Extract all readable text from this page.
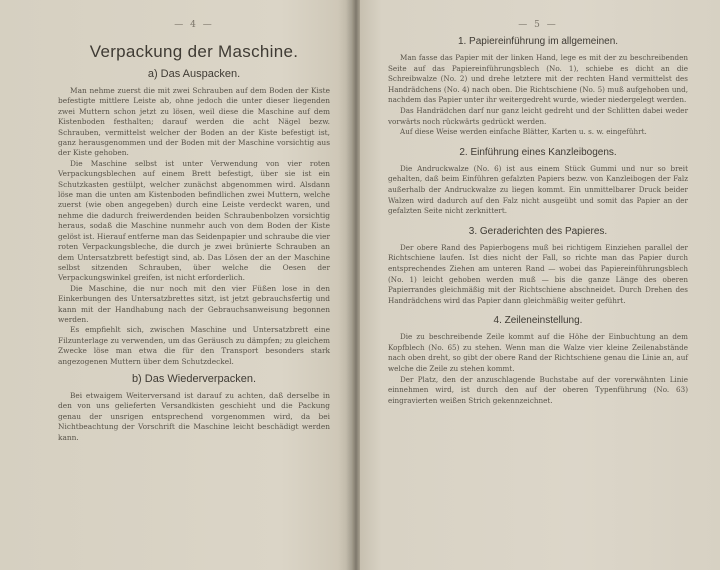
— 4 —
Verpackung der Maschine.
a) Das Auspacken.

Man nehme zuerst die mit zwei Schrauben auf dem Boden der Kiste befestigte mittlere Leiste ab, ohne jedoch die unter dieser liegenden zwei Muttern schon jetzt zu lösen, weil diese die Maschine auf dem Kistenboden festhalten; darauf werden die acht Nägel bezw. Schrauben, vermittelst welcher der Boden an der Kiste befestigt ist, ganz herausgenommen und der Boden mit der Maschine vorsichtig aus der Kiste gehoben.

Die Maschine selbst ist unter Verwendung von vier roten Verpackungsblechen auf einem Brett befestigt, über sie ist ein Schutzkasten gestülpt, welcher zunächst abgenommen wird. Alsdann löse man die unten am Kistenboden befindlichen zwei Muttern, welche zuerst (wie oben angegeben) durch eine Leiste verdeckt waren, und nehme die dadurch freiwerdenden beiden Schraubenbolzen vorsichtig heraus, sodaß die Maschine nunmehr auch von dem Boden der Kiste gelöst ist. Hierauf entferne man das Seidenpapier und schraube die vier roten Verpackungsbleche, die durch je zwei brünierte Schrauben an dem Untersatzbrett befestigt sind, ab. Das Lösen der an der Maschine selbst sitzenden Schrauben, über welche die Oesen der Verpackungswinkel greifen, ist nicht erforderlich.

Die Maschine, die nur noch mit den vier Füßen lose in den Einkerbungen des Untersatzbrettes sitzt, ist jetzt gebrauchsfertig und kann mit der Handhabung nach der Gebrauchsanweisung begonnen werden.

Es empfiehlt sich, zwischen Maschine und Untersatzbrett eine Filzunterlage zu verwenden, um das Geräusch zu dämpfen; zu gleichem Zwecke löse man etwa die für den Transport besonders stark angezogenen Muttern über dem Schutzdeckel.

b) Das Wiederverpacken.

Bei etwaigem Weiterversand ist darauf zu achten, daß derselbe in den von uns gelieferten Versandkisten geschieht und die Packung genau der unsrigen entsprechend vorgenommen wird, da bei Nichtbeachtung der Vorschrift die Maschine leicht beschädigt werden kann.

— 5 —
1. Papiereinführung im allgemeinen.

Man fasse das Papier mit der linken Hand, lege es mit der zu beschreibenden Seite auf das Papiereinführungsblech (No. 1), schiebe es dicht an die Schreibwalze (No. 2) und drehe letztere mit der rechten Hand vermittelst des Handrädchens (No. 4) nach oben. Die Richtschiene (No. 5) muß aufgehoben und, nachdem das Papier unter ihr weitergedreht wurde, wieder niedergelegt werden.

Das Handrädchen darf nur ganz leicht gedreht und der Schlitten dabei weder vorwärts noch rückwärts gedrückt werden.

Auf diese Weise werden einfache Blätter, Karten u. s. w. eingeführt.

2. Einführung eines Kanzleibogens.

Die Andruckwalze (No. 6) ist aus einem Stück Gummi und nur so breit gehalten, daß beim Einführen gefalzten Papiers bezw. von Kanzleibogen der Falz außerhalb der Andruckwalze zu liegen kommt. Ein unmittelbarer Druck beider Walzen wird dadurch auf den Falz nicht ausgeübt und somit das Papier an der gefalzten Seite nicht zerknittert.

3. Geraderichten des Papieres.

Der obere Rand des Papierbogens muß bei richtigem Einziehen parallel der Richtschiene laufen. Ist dies nicht der Fall, so richte man das Papier durch entsprechendes Ziehen am unteren Rand — wobei das Papiereinführungsblech (No. 1) leicht gehoben werden muß — bis die ganze Länge des oberen Papierrandes gleichmäßig mit der Richtschiene abschneidet. Durch Drehen des Handrädchens wird das Papier dann gleichmäßig weiter geführt.

4. Zeileneinstellung.

Die zu beschreibende Zeile kommt auf die Höhe der Einbuchtung an dem Kopfblech (No. 65) zu stehen. Wenn man die Walze vier kleine Zeilenabstände nach oben dreht, so gibt der obere Rand der Richtschiene genau die Linie an, auf welche die Zeile zu stehen kommt.

Der Platz, den der anzuschlagende Buchstabe auf der vorerwähnten Linie einnehmen wird, ist durch den auf der oberen Typenführung (No. 63) eingravierten weißen Strich gekennzeichnet.
